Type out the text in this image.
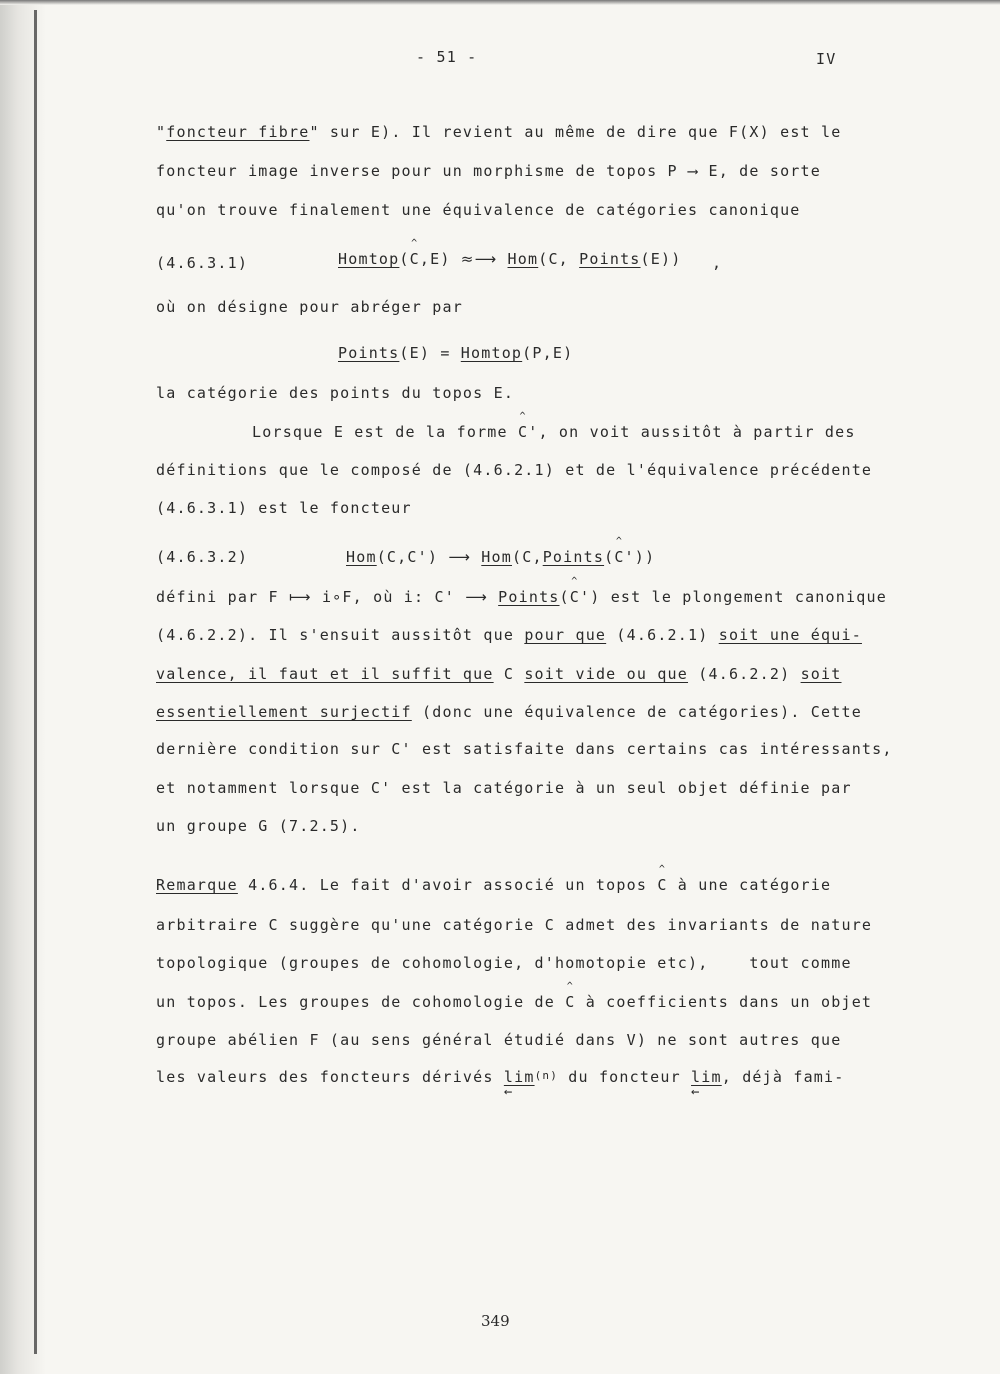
- 51 -	IV
"foncteur fibre" sur E). Il revient au même de dire que F(X) est le
foncteur image inverse pour un morphisme de topos P ⟶ E, de sorte
qu'on trouve finalement une équivalence de catégories canonique
(4.6.3.1)	Homtop(^ C,E) ≈⟶ Hom(C, Points(E)) ,
où on désigne pour abréger par
Points(E) = Homtop(P,E)
la catégorie des points du topos E.
Lorsque E est de la forme ^ C', on voit aussitôt à partir des
définitions que le composé de (4.6.2.1) et de l'équivalence précédente
(4.6.3.1) est le foncteur
(4.6.3.2)	Hom(C,C') ⟶ Hom(C,Points(^ C'))
défini par F ⟼ i∘F, où i: C' ⟶ Points(^ C') est le plongement canonique
(4.6.2.2). Il s'ensuit aussitôt que pour que (4.6.2.1) soit une équi-
valence, il faut et il suffit que C soit vide ou que (4.6.2.2) soit
essentiellement surjectif (donc une équivalence de catégories). Cette
dernière condition sur C' est satisfaite dans certains cas intéressants,
et notamment lorsque C' est la catégorie à un seul objet définie par
un groupe G (7.2.5).
Remarque 4.6.4. Le fait d'avoir associé un topos ^ C à une catégorie
arbitraire C suggère qu'une catégorie C admet des invariants de nature
topologique (groupes de cohomologie, d'homotopie etc),    tout comme
un topos. Les groupes de cohomologie de ^ C à coefficients dans un objet
groupe abélien F (au sens général étudié dans V) ne sont autres que
les valeurs des foncteurs dérivés lim ←$^{(n)}$ du foncteur lim ←, déjà fami-
349
